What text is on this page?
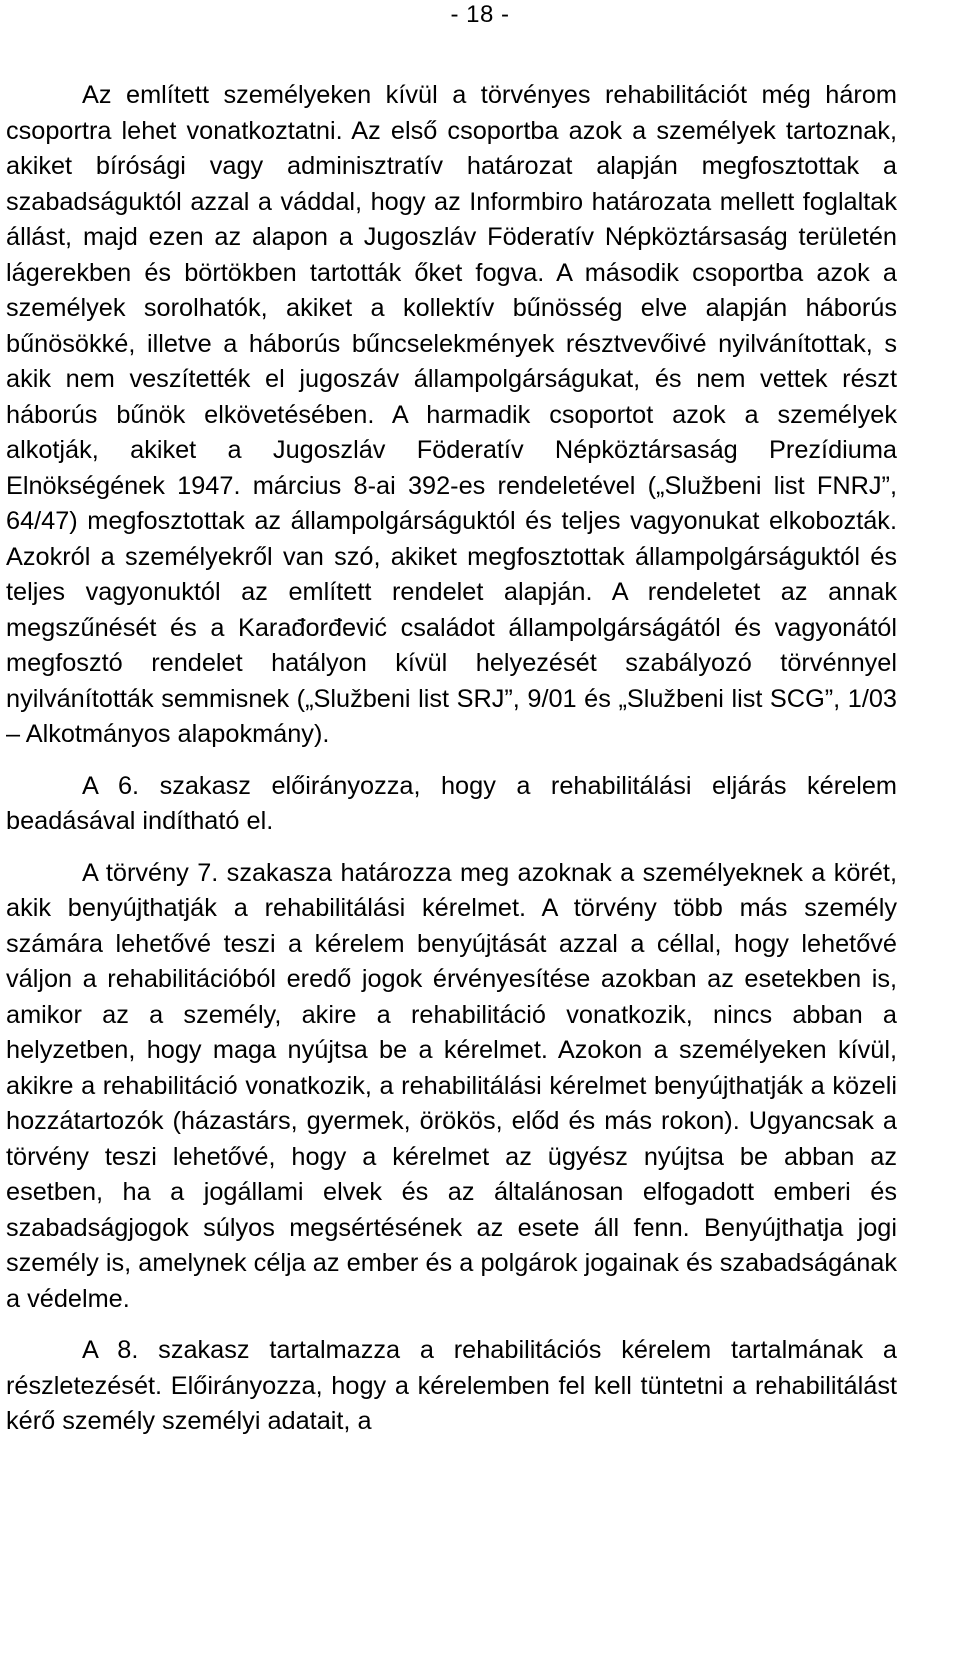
- 18 -

Az említett személyeken kívül a törvényes rehabilitációt még három csoportra lehet vonatkoztatni. Az első csoportba azok a személyek tartoznak, akiket bírósági vagy adminisztratív határozat alapján megfosztottak a szabadságuktól azzal a váddal, hogy az Informbiro határozata mellett foglaltak állást, majd ezen az alapon a Jugoszláv Föderatív Népköztársaság területén lágerekben és börtökben tartották őket fogva. A második csoportba azok a személyek sorolhatók, akiket a kollektív bűnösség elve alapján háborús bűnösökké, illetve a háborús bűncselekmények résztvevőivé nyilvánítottak, s akik nem veszítették el jugoszáv állampolgárságukat, és nem vettek részt háborús bűnök elkövetésében. A harmadik csoportot azok a személyek alkotják, akiket a Jugoszláv Föderatív Népköztársaság Prezídiuma Elnökségének 1947. március 8-ai 392-es rendeletével („Službeni list FNRJ”, 64/47) megfosztottak az állampolgárságuktól és teljes vagyonukat elkobozták. Azokról a személyekről van szó, akiket megfosztottak állampolgárságuktól és teljes vagyonuktól az említett rendelet alapján. A rendeletet az annak megszűnését és a Karađorđević családot állampolgárságától és vagyonától megfosztó rendelet hatályon kívül helyezését szabályozó törvénnyel nyilvánították semmisnek („Službeni list SRJ”, 9/01 és „Službeni list SCG”, 1/03 – Alkotmányos alapokmány).

A 6. szakasz előirányozza, hogy a rehabilitálási eljárás kérelem beadásával indítható el.

A törvény 7. szakasza határozza meg azoknak a személyeknek a körét, akik benyújthatják a rehabilitálási kérelmet. A törvény több más személy számára lehetővé teszi a kérelem benyújtását azzal a céllal, hogy lehetővé váljon a rehabilitációból eredő jogok érvényesítése azokban az esetekben is, amikor az a személy, akire a rehabilitáció vonatkozik, nincs abban a helyzetben, hogy maga nyújtsa be a kérelmet. Azokon a személyeken kívül, akikre a rehabilitáció vonatkozik, a rehabilitálási kérelmet benyújthatják a közeli hozzátartozók (házastárs, gyermek, örökös, előd és más rokon). Ugyancsak a törvény teszi lehetővé, hogy a kérelmet az ügyész nyújtsa be abban az esetben, ha a jogállami elvek és az általánosan elfogadott emberi és szabadságjogok súlyos megsértésének az esete áll fenn. Benyújthatja jogi személy is, amelynek célja az ember és a polgárok jogainak és szabadságának a védelme.

A 8. szakasz tartalmazza a rehabilitációs kérelem tartalmának a részletezését. Előirányozza, hogy a kérelemben fel kell tüntetni a rehabilitálást kérő személy személyi adatait, a
